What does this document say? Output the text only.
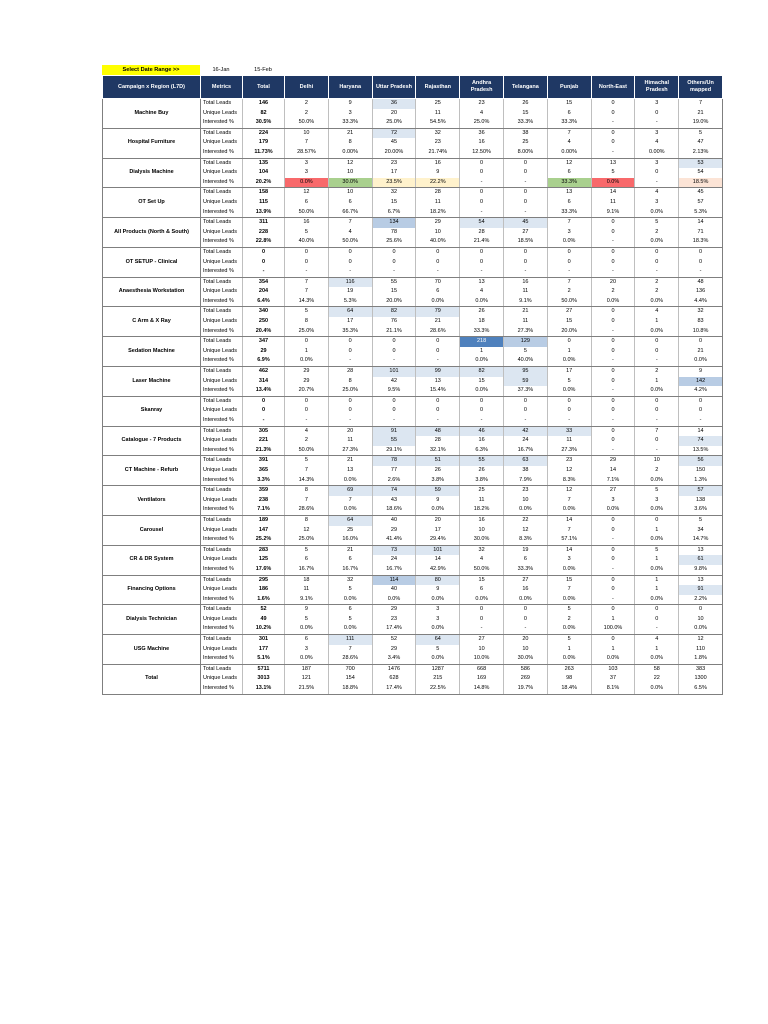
Select Date Range >>	16-Jan	15-Feb
Campaign x Region (L7D)	Metrics	Total	Delhi	Haryana	Uttar Pradesh	Rajasthan	Andhra Pradesh	Telangana	Punjab	North-East	Himachal Pradesh	Others/Un mapped
Machine Buy	Total Leads	146	2	9	36	25	23	26	15	0	3	7
	Unique Leads	82	2	3	20	11	4	15	6	0	0	21
	Interested %	30.5%	50.0%	33.3%	25.0%	54.5%	25.0%	33.3%	33.3%	-	-	19.0%
Hospital Furniture	Total Leads	224	10	21	72	32	36	38	7	0	3	5
	Unique Leads	179	7	8	45	23	16	25	4	0	4	47
	Interested %	11.73%	28.57%	0.00%	20.00%	21.74%	12.50%	8.00%	0.00%	-	0.00%	2.13%
Dialysis Machine	Total Leads	135	3	12	23	16	0	0	12	13	3	53
	Unique Leads	104	3	10	17	9	0	0	6	5	0	54
	Interested %	20.2%	0.0%	30.0%	23.5%	22.2%	-	-	33.3%	0.0%	-	18.5%
OT Set Up	Total Leads	158	12	10	32	28	0	0	13	14	4	45
	Unique Leads	115	6	6	15	11	0	0	6	11	3	57
	Interested %	13.9%	50.0%	66.7%	6.7%	18.2%	-	-	33.3%	9.1%	0.0%	5.3%
All Products (North & South)	Total Leads	311	16	7	134	29	54	45	7	0	5	14
	Unique Leads	228	5	4	78	10	28	27	3	0	2	71
	Interested %	22.8%	40.0%	50.0%	25.6%	40.0%	21.4%	18.5%	0.0%	-	0.0%	18.3%
OT SETUP - Clinical	Total Leads	0	0	0	0	0	0	0	0	0	0	0
	Unique Leads	0	0	0	0	0	0	0	0	0	0	0
	Interested %	-	-	-	-	-	-	-	-	-	-	-
Anaesthesia Workstation	Total Leads	354	7	116	55	70	13	16	7	20	2	48
	Unique Leads	204	7	19	15	6	4	11	2	2	2	136
	Interested %	6.4%	14.3%	5.3%	20.0%	0.0%	0.0%	9.1%	50.0%	0.0%	0.0%	4.4%
C Arm & X Ray	Total Leads	340	5	64	82	79	26	21	27	0	4	32
	Unique Leads	250	8	17	76	21	18	11	15	0	1	83
	Interested %	20.4%	25.0%	35.3%	21.1%	28.6%	33.3%	27.3%	20.0%	-	0.0%	10.8%
Sedation Machine	Total Leads	347	0	0	0	0	218	129	0	0	0	0
	Unique Leads	29	1	0	0	0	1	5	1	0	0	21
	Interested %	6.9%	0.0%	-	-	-	0.0%	40.0%	0.0%	-	-	0.0%
Laser Machine	Total Leads	462	29	28	101	99	82	95	17	0	2	9
	Unique Leads	314	29	8	42	13	15	59	5	0	1	142
	Interested %	13.4%	20.7%	25.0%	9.5%	15.4%	0.0%	37.3%	0.0%	-	0.0%	4.2%
Skanray	Total Leads	0	0	0	0	0	0	0	0	0	0	0
	Unique Leads	0	0	0	0	0	0	0	0	0	0	0
	Interested %	-	-	-	-	-	-	-	-	-	-	-
Catalogue - 7 Products	Total Leads	305	4	20	91	48	46	42	33	0	7	14
	Unique Leads	221	2	11	55	28	16	24	11	0	0	74
	Interested %	21.3%	50.0%	27.3%	29.1%	32.1%	6.3%	16.7%	27.3%	-	-	13.5%
CT Machine - Refurb	Total Leads	391	5	21	78	51	55	63	23	29	10	56
	Unique Leads	365	7	13	77	26	26	38	12	14	2	150
	Interested %	3.3%	14.3%	0.0%	2.6%	3.8%	3.8%	7.9%	8.3%	7.1%	0.0%	1.3%
Ventilators	Total Leads	359	8	69	74	59	25	23	12	27	5	57
	Unique Leads	238	7	7	43	9	11	10	7	3	3	138
	Interested %	7.1%	28.6%	0.0%	18.6%	0.0%	18.2%	0.0%	0.0%	0.0%	0.0%	3.6%
Carousel	Total Leads	189	8	64	40	20	16	22	14	0	0	5
	Unique Leads	147	12	25	29	17	10	12	7	0	1	34
	Interested %	25.2%	25.0%	16.0%	41.4%	29.4%	30.0%	8.3%	57.1%	-	0.0%	14.7%
CR & DR System	Total Leads	283	5	21	73	101	32	19	14	0	5	13
	Unique Leads	125	6	6	24	14	4	6	3	0	1	61
	Interested %	17.6%	16.7%	16.7%	16.7%	42.9%	50.0%	33.3%	0.0%	-	0.0%	9.8%
Financing Options	Total Leads	295	18	32	114	80	15	27	15	0	1	13
	Unique Leads	186	11	5	40	9	6	16	7	0	1	91
	Interested %	1.6%	9.1%	0.0%	0.0%	0.0%	0.0%	0.0%	0.0%	-	0.0%	2.2%
Dialysis Technician	Total Leads	52	9	6	29	3	0	0	5	0	0	0
	Unique Leads	49	5	5	23	3	0	0	2	1	0	10
	Interested %	10.2%	0.0%	0.0%	17.4%	0.0%	-	-	0.0%	100.0%	-	0.0%
USG Machine	Total Leads	301	6	111	52	64	27	20	5	0	4	12
	Unique Leads	177	3	7	29	5	10	10	1	1	1	110
	Interested %	5.1%	0.0%	28.6%	3.4%	0.0%	10.0%	30.0%	0.0%	0.0%	0.0%	1.8%
Total	Total Leads	5711	187	700	1476	1287	668	586	263	103	58	383
	Unique Leads	3013	121	154	628	215	169	269	98	37	22	1300
	Interested %	13.1%	21.5%	18.8%	17.4%	22.5%	14.8%	19.7%	18.4%	8.1%	0.0%	6.5%
